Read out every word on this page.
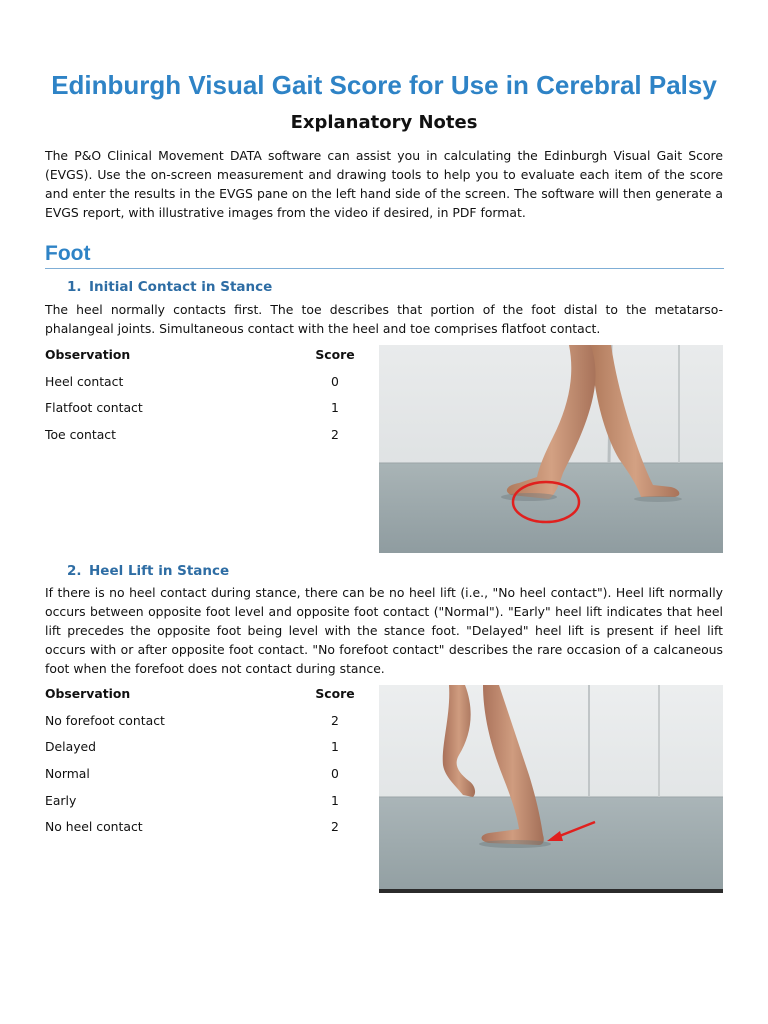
Edinburgh Visual Gait Score for Use in Cerebral Palsy
Explanatory Notes

The P&O Clinical Movement DATA software can assist you in calculating the Edinburgh Visual Gait Score (EVGS). Use the on-screen measurement and drawing tools to help you to evaluate each item of the score and enter the results in the EVGS pane on the left hand side of the screen. The software will then generate a EVGS report, with illustrative images from the video if desired, in PDF format.

Foot
1. Initial Contact in Stance

The heel normally contacts first. The toe describes that portion of the foot distal to the metatarso-phalangeal joints. Simultaneous contact with the heel and toe comprises flatfoot contact.

Observation	Score
Heel contact	0
Flatfoot contact	1
Toe contact	2
2. Heel Lift in Stance

If there is no heel contact during stance, there can be no heel lift (i.e., "No heel contact"). Heel lift normally occurs between opposite foot level and opposite foot contact ("Normal"). "Early" heel lift indicates that heel lift precedes the opposite foot being level with the stance foot. "Delayed" heel lift is present if heel lift occurs with or after opposite foot contact. "No forefoot contact" describes the rare occasion of a calcaneous foot when the forefoot does not contact during stance.

Observation	Score
No forefoot contact	2
Delayed	1
Normal	0
Early	1
No heel contact	2
